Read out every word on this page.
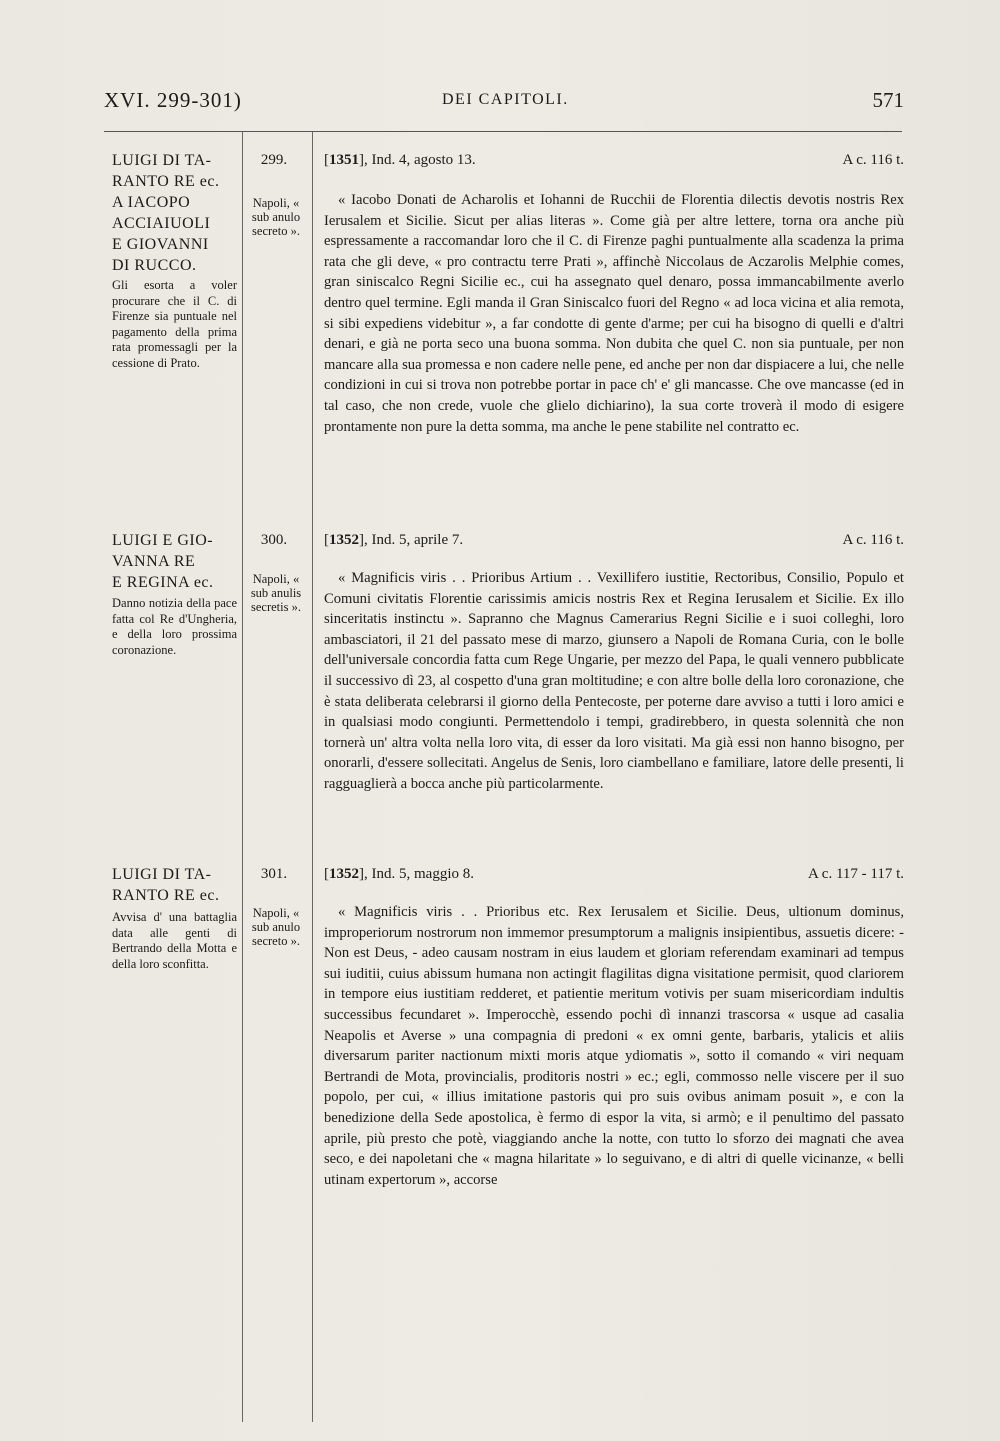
XVI. 299-301)	DEI CAPITOLI.	571
LUIGI DI TA-
RANTO RE ec.
A IACOPO
ACCIAIUOLI
E GIOVANNI
DI RUCCO.
Gli esorta a voler procurare che il C. di Firenze sia puntuale nel pagamento della prima rata promessagli per la cessione di Prato.
299.
Napoli, « sub anulo secreto ».
[1351], Ind. 4, agosto 13.	A c. 116 t.
« Iacobo Donati de Acharolis et Iohanni de Rucchii de Florentia dilectis devotis nostris Rex Ierusalem et Sicilie. Sicut per alias literas ». Come già per altre lettere, torna ora anche più espressamente a raccomandar loro che il C. di Firenze paghi puntualmente alla scadenza la prima rata che gli deve, « pro contractu terre Prati », affinchè Niccolaus de Aczarolis Melphie comes, gran siniscalco Regni Sicilie ec., cui ha assegnato quel denaro, possa immancabilmente averlo dentro quel termine. Egli manda il Gran Siniscalco fuori del Regno « ad loca vicina et alia remota, si sibi expediens videbitur », a far condotte di gente d'arme; per cui ha bisogno di quelli e d'altri denari, e già ne porta seco una buona somma. Non dubita che quel C. non sia puntuale, per non mancare alla sua promessa e non cadere nelle pene, ed anche per non dar dispiacere a lui, che nelle condizioni in cui si trova non potrebbe portar in pace ch' e' gli mancasse. Che ove mancasse (ed in tal caso, che non crede, vuole che glielo dichiarino), la sua corte troverà il modo di esigere prontamente non pure la detta somma, ma anche le pene stabilite nel contratto ec.
LUIGI E GIO-
VANNA RE
E REGINA ec.
Danno notizia della pace fatta col Re d'Ungheria, e della loro prossima coronazione.
300.
Napoli, « sub anulis secretis ».
[1352], Ind. 5, aprile 7.	A c. 116 t.
« Magnificis viris . . Prioribus Artium . . Vexillifero iustitie, Rectoribus, Consilio, Populo et Comuni civitatis Florentie carissimis amicis nostris Rex et Regina Ierusalem et Sicilie. Ex illo sinceritatis instinctu ». Sapranno che Magnus Camerarius Regni Sicilie e i suoi colleghi, loro ambasciatori, il 21 del passato mese di marzo, giunsero a Napoli de Romana Curia, con le bolle dell'universale concordia fatta cum Rege Ungarie, per mezzo del Papa, le quali vennero pubblicate il successivo dì 23, al cospetto d'una gran moltitudine; e con altre bolle della loro coronazione, che è stata deliberata celebrarsi il giorno della Pentecoste, per poterne dare avviso a tutti i loro amici e in qualsiasi modo congiunti. Permettendolo i tempi, gradirebbero, in questa solennità che non tornerà un' altra volta nella loro vita, di esser da loro visitati. Ma già essi non hanno bisogno, per onorarli, d'essere sollecitati. Angelus de Senis, loro ciambellano e familiare, latore delle presenti, li ragguaglierà a bocca anche più particolarmente.
LUIGI DI TA-
RANTO RE ec.
Avvisa d' una battaglia data alle genti di Bertrando della Motta e della loro sconfitta.
301.
Napoli, « sub anulo secreto ».
[1352], Ind. 5, maggio 8.	A c. 117 - 117 t.
« Magnificis viris . . Prioribus etc. Rex Ierusalem et Sicilie. Deus, ultionum dominus, improperiorum nostrorum non immemor presumptorum a malignis insipientibus, assuetis dicere: - Non est Deus, - adeo causam nostram in eius laudem et gloriam referendam examinari ad tempus sui iuditii, cuius abissum humana non actingit flagilitas digna visitatione permisit, quod clariorem in tempore eius iustitiam redderet, et patientie meritum votivis per suam misericordiam indultis successibus fecundaret ». Imperocchè, essendo pochi dì innanzi trascorsa « usque ad casalia Neapolis et Averse » una compagnia di predoni « ex omni gente, barbaris, ytalicis et aliis diversarum pariter nactionum mixti moris atque ydiomatis », sotto il comando « viri nequam Bertrandi de Mota, provincialis, proditoris nostri » ec.; egli, commosso nelle viscere per il suo popolo, per cui, « illius imitatione pastoris qui pro suis ovibus animam posuit », e con la benedizione della Sede apostolica, è fermo di espor la vita, si armò; e il penultimo del passato aprile, più presto che potè, viaggiando anche la notte, con tutto lo sforzo dei magnati che avea seco, e dei napoletani che « magna hilaritate » lo seguivano, e di altri di quelle vicinanze, « belli utinam expertorum », accorse
